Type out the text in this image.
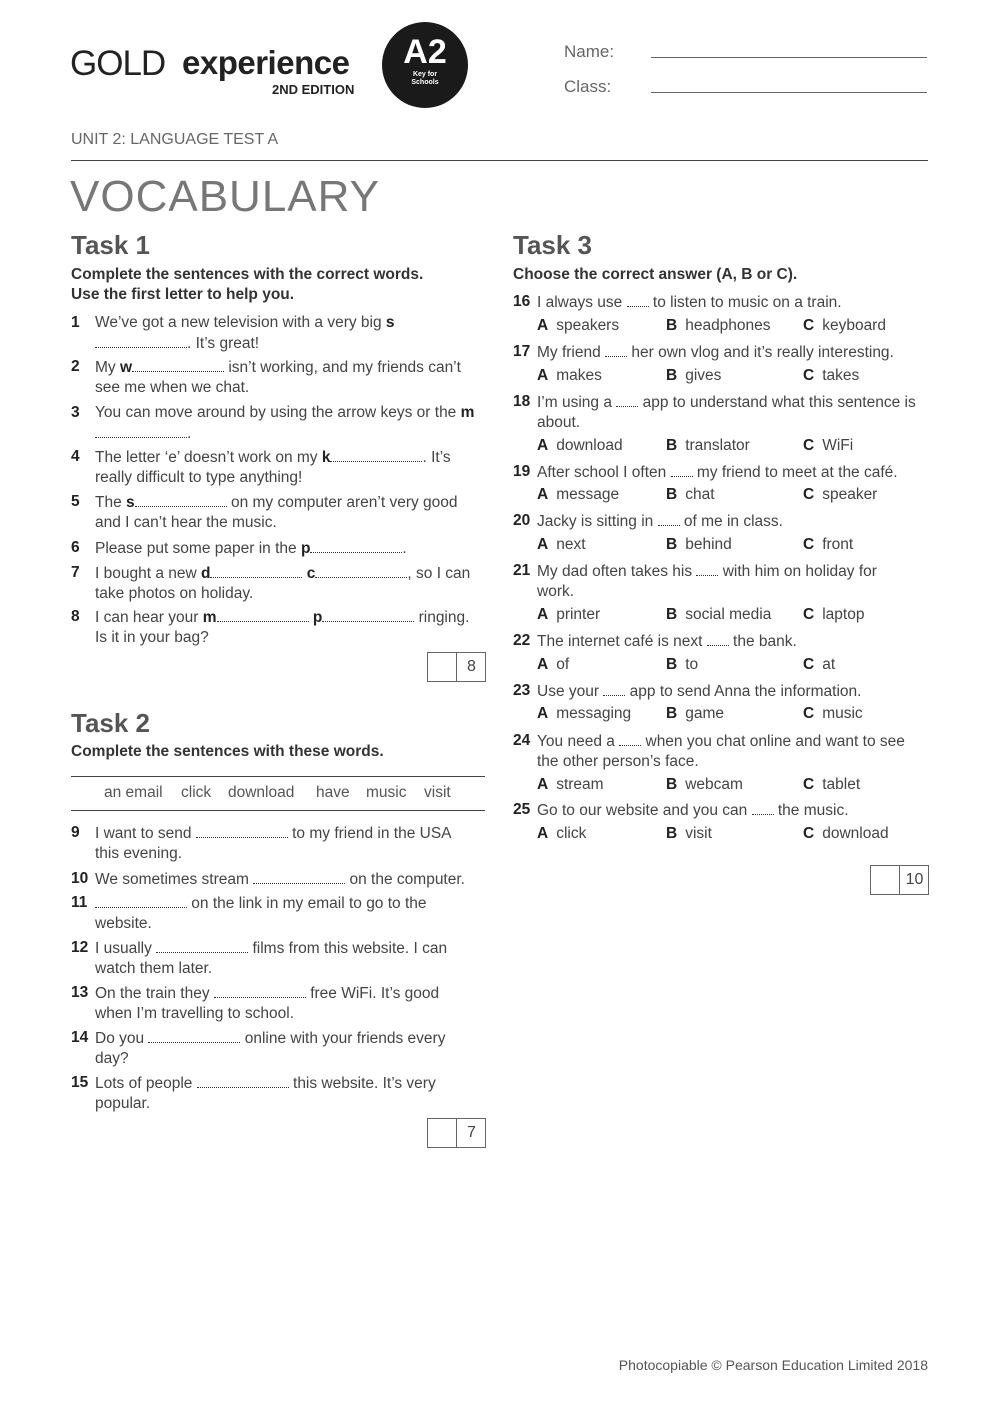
GOLD experience
2ND EDITION
A2
Key for
Schools
Name:
Class:
UNIT 2: LANGUAGE TEST A
VOCABULARY
Task 1
Complete the sentences with the correct words.
Use the first letter to help you.
1 We’ve got a new television with a very big s. It’s great!
2 My w	isn’t working, and my friends can’t see me when we chat.
3 You can move around by using the arrow keys or the m.
4 The letter ‘e’ doesn’t work on my k	. It’s really difficult to type anything!
5 The s	on my computer aren’t very good and I can’t hear the music.
6 Please put some paper in the p	.
7 I bought a new d	c	, so I can take photos on holiday.
8 I can hear your m	p	ringing. Is it in your bag?
8
Task 2
Complete the sentences with these words.
an email click download have music visit
9 I want to send	to my friend in the USA this evening.
10 We sometimes stream	on the computer.
11	on the link in my email to go to the website.
12 I usually	films from this website. I can watch them later.
13 On the train they	free WiFi. It’s good when I’m travelling to school.
14 Do you	online with your friends every day?
15 Lots of people	this website. It’s very popular.
7
Task 3
Choose the correct answer (A, B or C).
16 I always use  to listen to music on a train.
A speakers	B headphones C keyboard
17 My friend  her own vlog and it’s really interesting.
A makes	B gives	C takes
18 I’m using a  app to understand what this sentence is about.
A download	B translator	C WiFi
19 After school I often  my friend to meet at the café.
A message	B chat	C speaker
20 Jacky is sitting in  of me in class.
A next	B behind	C front
21 My dad often takes his  with him on holiday for work.
A printer	B social media C laptop
22 The internet café is next  the bank.
A of	B to	C at
23 Use your  app to send Anna the information.
A messaging B game	C music
24 You need a  when you chat online and want to see the other person’s face.
A stream	B webcam	C tablet
25 Go to our website and you can  the music.
A click	B visit	C download
10
Photocopiable © Pearson Education Limited 2018
